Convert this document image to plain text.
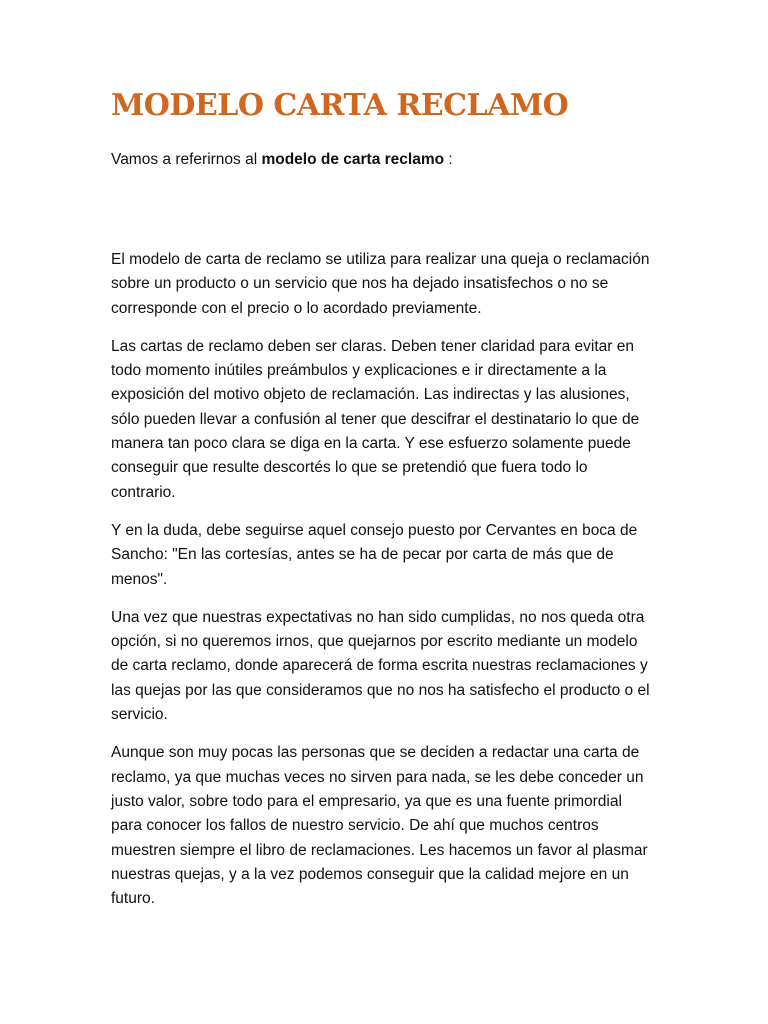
MODELO CARTA RECLAMO

Vamos a referirnos al modelo de carta reclamo :

El modelo de carta de reclamo se utiliza para realizar una queja o reclamación sobre un producto o un servicio que nos ha dejado insatisfechos o no se corresponde con el precio o lo acordado previamente.

Las cartas de reclamo deben ser claras. Deben tener claridad para evitar en todo momento inútiles preámbulos y explicaciones e ir directamente a la exposición del motivo objeto de reclamación. Las indirectas y las alusiones, sólo pueden llevar a confusión al tener que descifrar el destinatario lo que de manera tan poco clara se diga en la carta. Y ese esfuerzo solamente puede conseguir que resulte descortés lo que se pretendió que fuera todo lo contrario.

Y en la duda, debe seguirse aquel consejo puesto por Cervantes en boca de Sancho: "En las cortesías, antes se ha de pecar por carta de más que de menos".

Una vez que nuestras expectativas no han sido cumplidas, no nos queda otra opción, si no queremos irnos, que quejarnos por escrito mediante un modelo de carta reclamo, donde aparecerá de forma escrita nuestras reclamaciones y las quejas por las que consideramos que no nos ha satisfecho el producto o el servicio.

Aunque son muy pocas las personas que se deciden a redactar una carta de reclamo, ya que muchas veces no sirven para nada, se les debe conceder un justo valor, sobre todo para el empresario, ya que es una fuente primordial para conocer los fallos de nuestro servicio. De ahí que muchos centros muestren siempre el libro de reclamaciones. Les hacemos un favor al plasmar nuestras quejas, y a la vez podemos conseguir que la calidad mejore en un futuro.
